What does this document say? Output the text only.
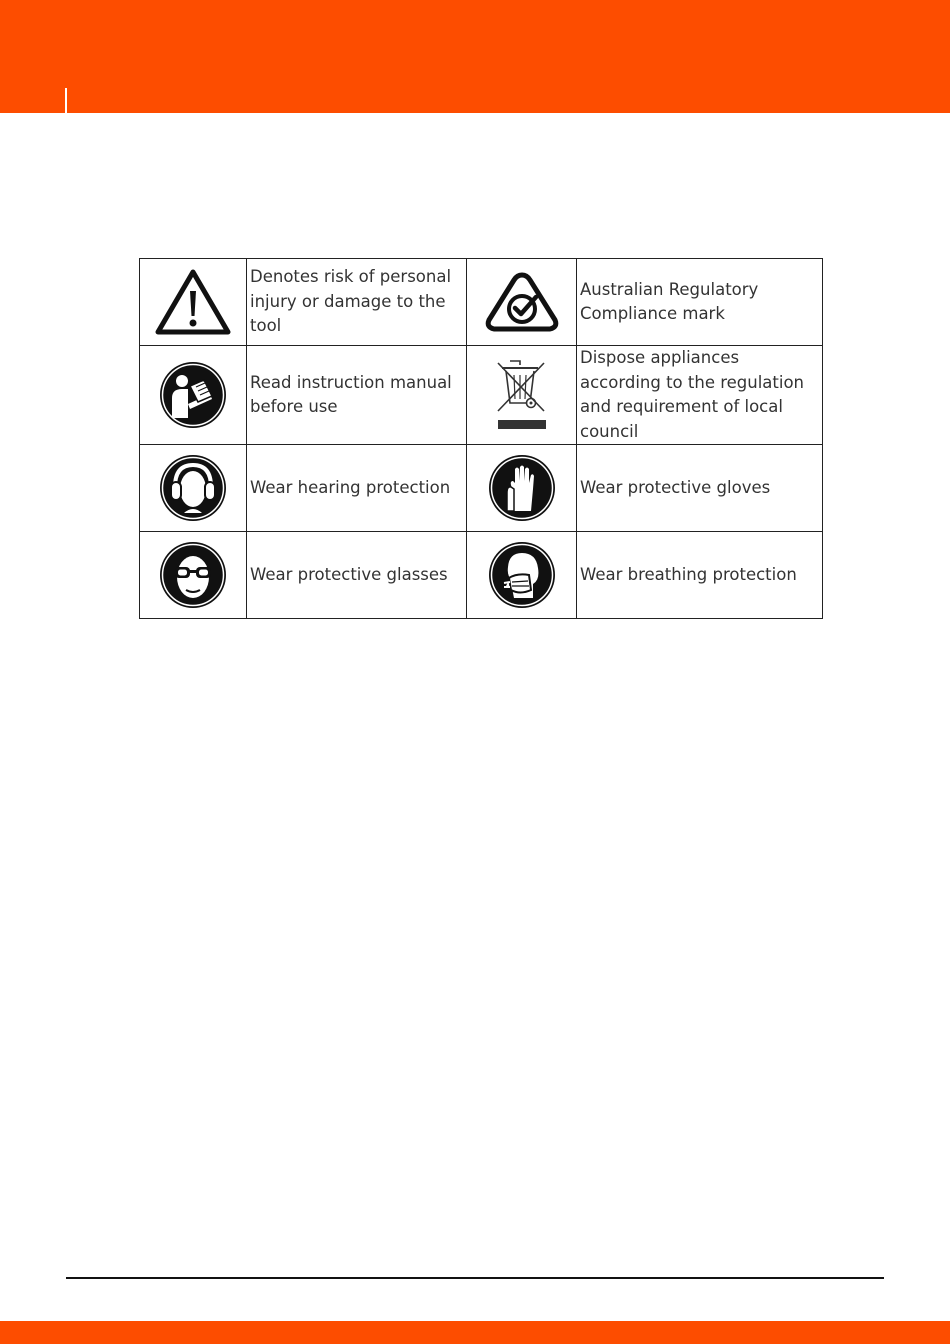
	Denotes risk of personal injury or damage to the tool		Australian Regulatory Compliance mark

	Read instruction manual before use		Dispose appliances according to the regulation and requirement of local council

	Wear hearing protection		Wear protective gloves

	Wear protective glasses		Wear breathing protection
